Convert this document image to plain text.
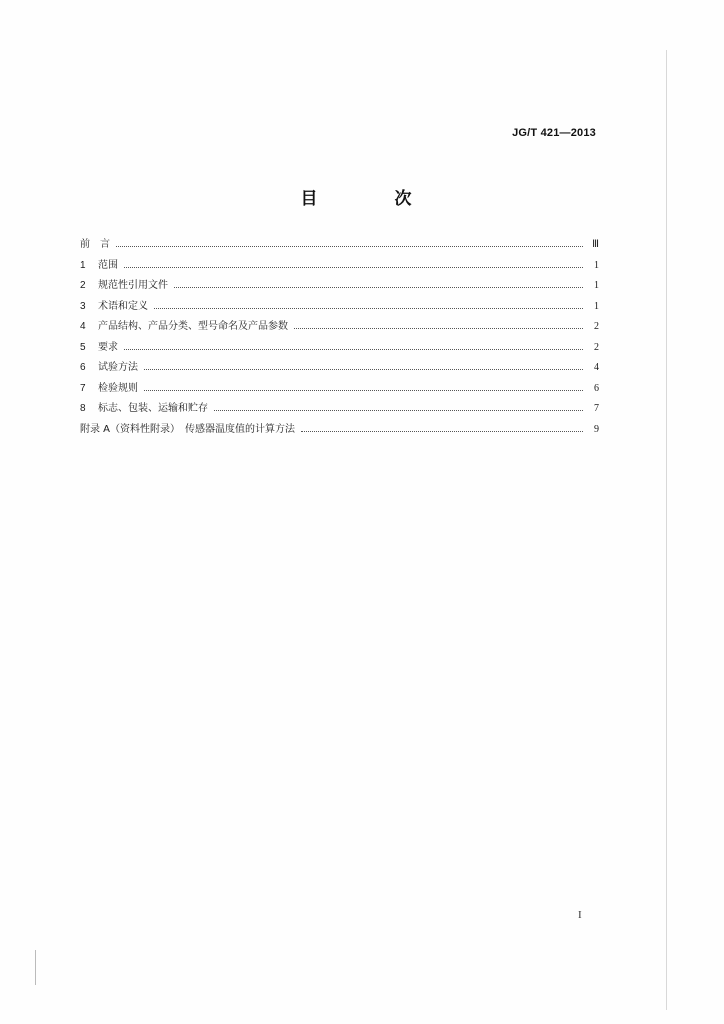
JG/T 421—2013
目　次
前　言	Ⅲ
1	范围	1
2	规范性引用文件	1
3	术语和定义	1
4	产品结构、产品分类、型号命名及产品参数	2
5	要求	2
6	试验方法	4
7	检验规则	6
8	标志、包装、运输和贮存	7
附录 A（资料性附录）　传感器温度值的计算方法	9
I
